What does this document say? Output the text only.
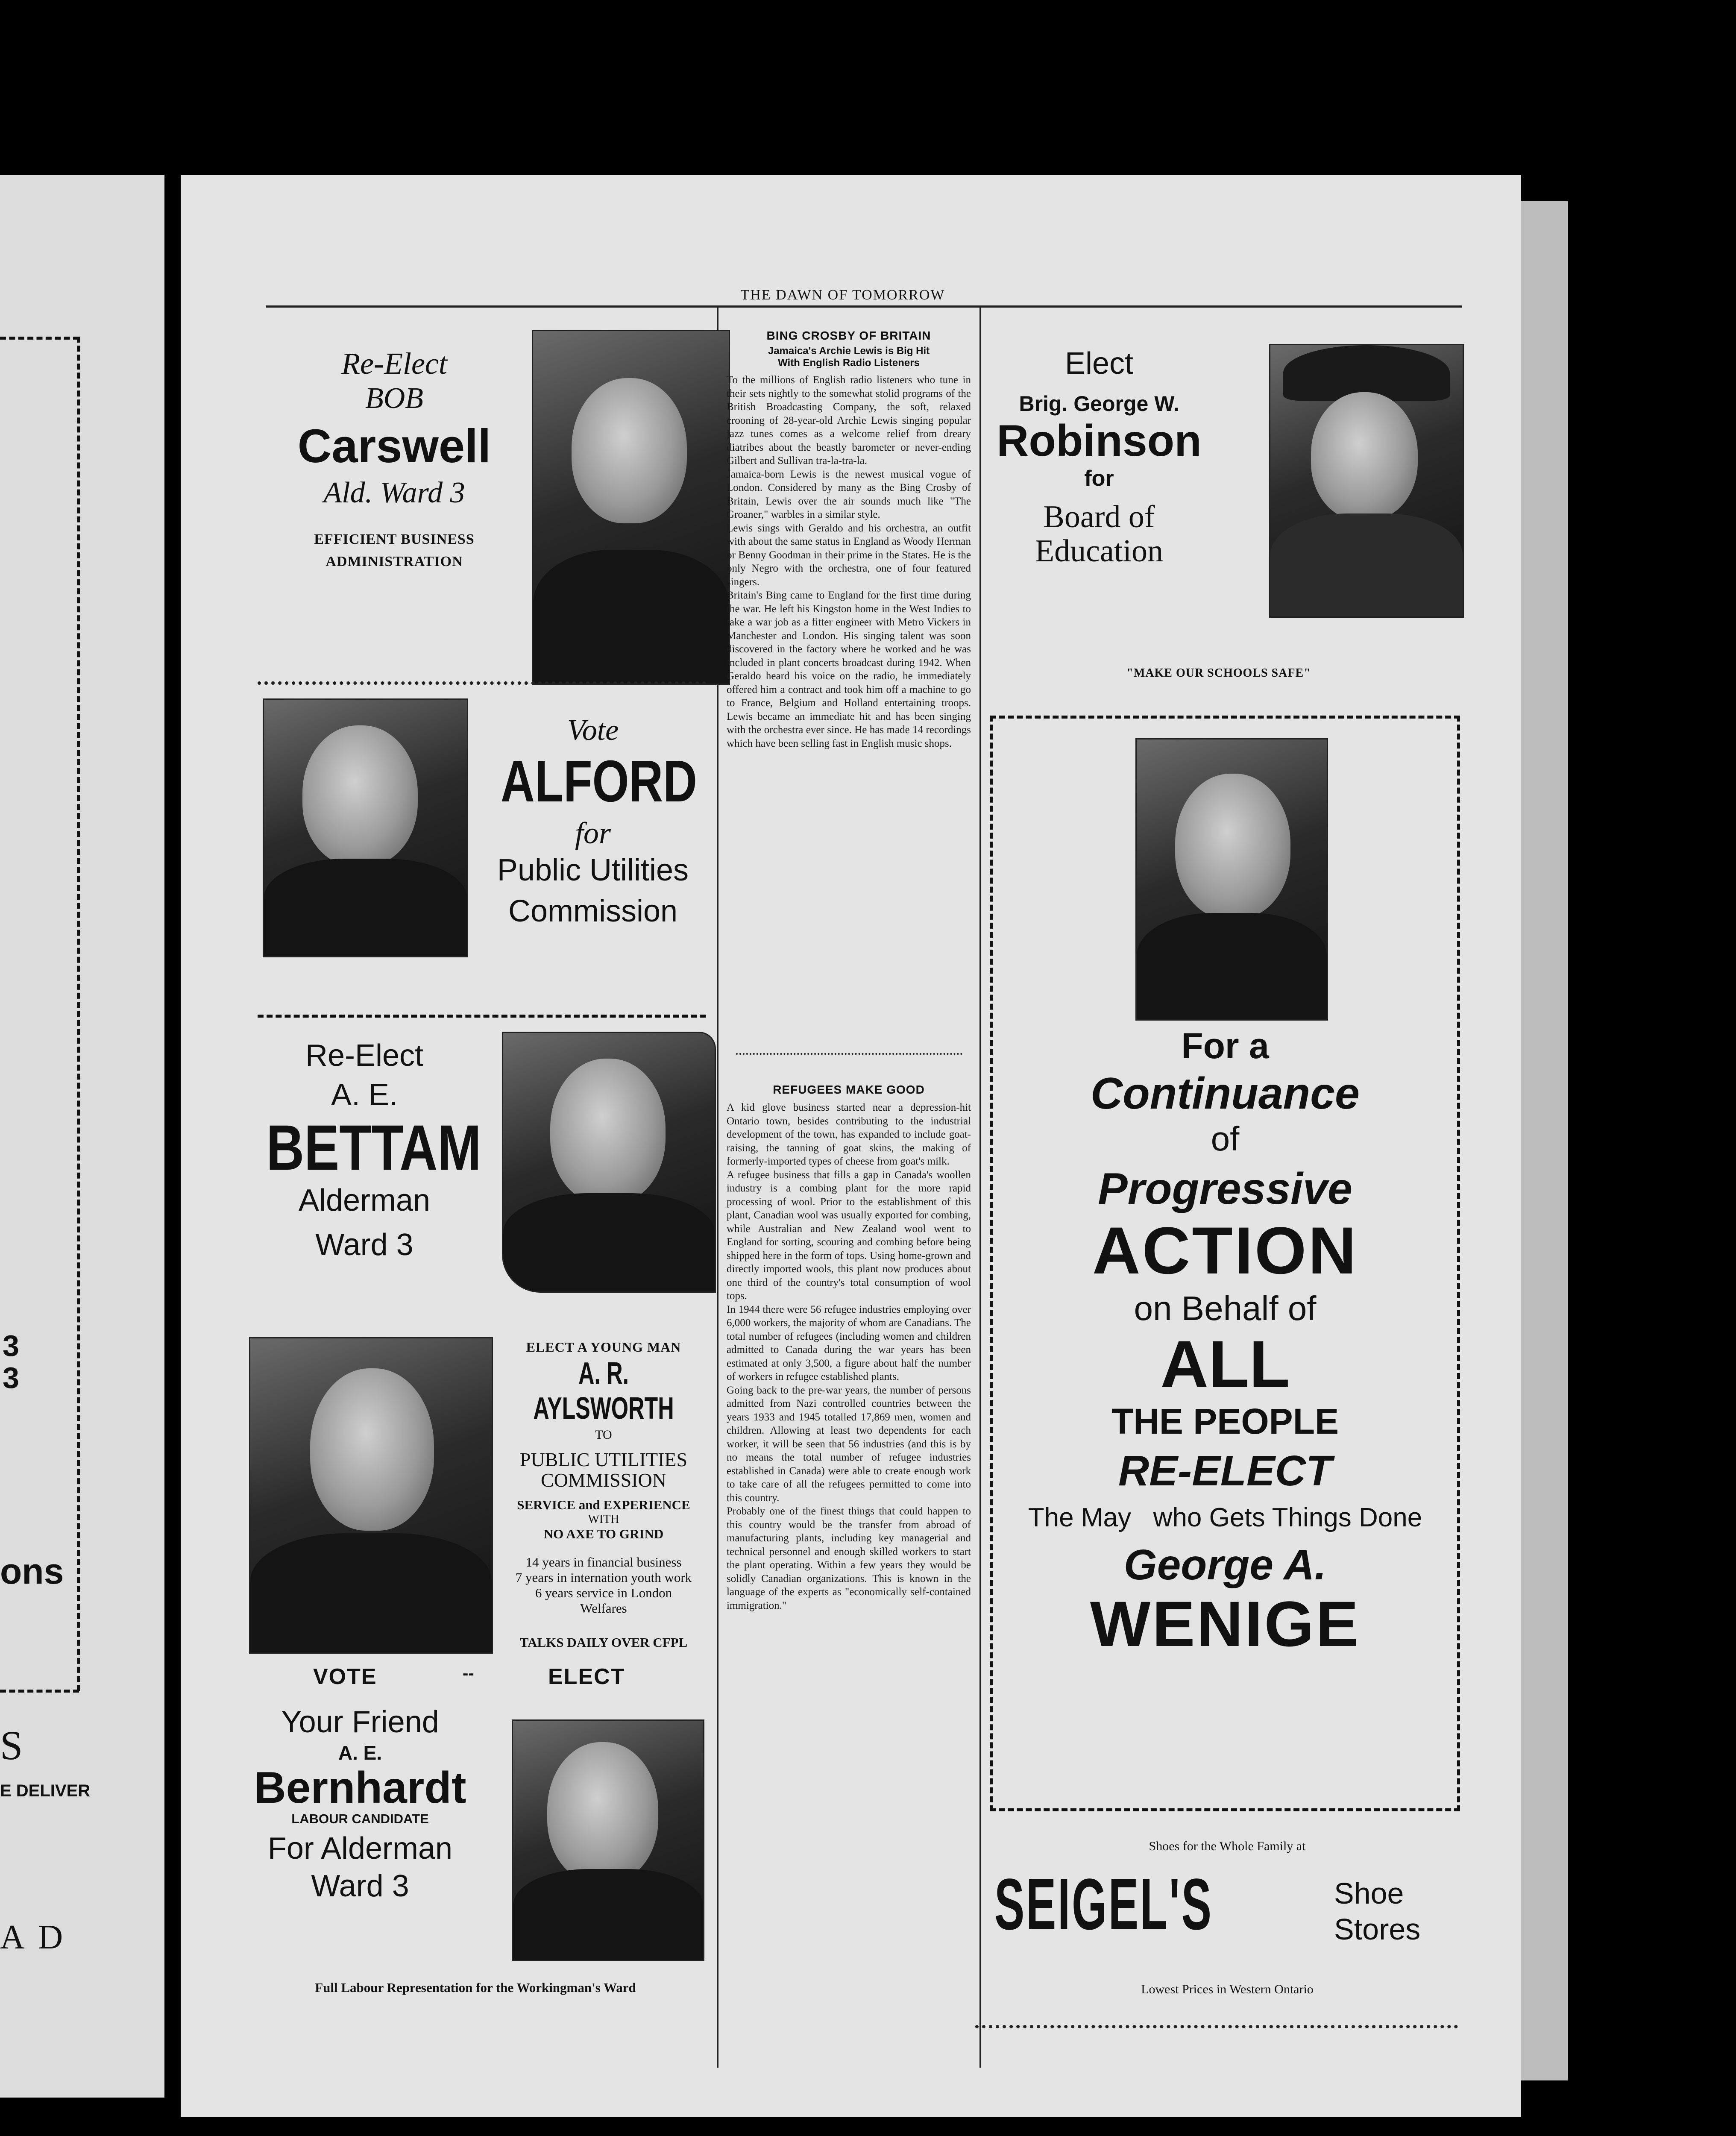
3
3
ons
S
E DELIVER
A D
THE DAWN OF TOMORROW
Re-Elect
BOB
Carswell
Ald. Ward 3
EFFICIENT BUSINESS
ADMINISTRATION
Vote
ALFORD
for
Public Utilities
Commission
Re-Elect
A. E.
BETTAM
Alderman
Ward 3
ELECT A YOUNG MAN
A. R. AYLSWORTH
TO
PUBLIC UTILITIES
COMMISSION
SERVICE and EXPERIENCE
WITH
NO AXE TO GRIND
14 years in financial business
7 years in internation youth work
6 years service in London
Welfares
TALKS DAILY OVER CFPL
VOTE	--	ELECT
Your Friend
A. E.
Bernhardt
LABOUR CANDIDATE
For Alderman
Ward 3
Full Labour Representation for the Workingman's Ward
BING CROSBY OF BRITAIN
Jamaica's Archie Lewis is Big Hit
With English Radio Listeners
To the millions of English radio listeners who tune in their sets nightly to the somewhat stolid programs of the British Broadcasting Company, the soft, relaxed crooning of 28-year-old Archie Lewis singing popular jazz tunes comes as a welcome relief from dreary diatribes about the beastly barometer or never-ending Gilbert and Sullivan tra-la-tra-la.
Jamaica-born Lewis is the newest musical vogue of London. Considered by many as the Bing Crosby of Britain, Lewis over the air sounds much like "The Groaner," warbles in a similar style.
Lewis sings with Geraldo and his orchestra, an outfit with about the same status in England as Woody Herman or Benny Goodman in their prime in the States. He is the only Negro with the orchestra, one of four featured singers.
Britain's Bing came to England for the first time during the war. He left his Kingston home in the West Indies to take a war job as a fitter engineer with Metro Vickers in Manchester and London. His singing talent was soon discovered in the factory where he worked and he was included in plant concerts broadcast during 1942. When Geraldo heard his voice on the radio, he immediately offered him a contract and took him off a machine to go to France, Belgium and Holland entertaining troops. Lewis became an immediate hit and has been singing with the orchestra ever since. He has made 14 recordings which have been selling fast in English music shops.
REFUGEES MAKE GOOD
A kid glove business started near a depression-hit Ontario town, besides contributing to the industrial development of the town, has expanded to include goat-raising, the tanning of goat skins, the making of formerly-imported types of cheese from goat's milk.
A refugee business that fills a gap in Canada's woollen industry is a combing plant for the more rapid processing of wool. Prior to the establishment of this plant, Canadian wool was usually exported for combing, while Australian and New Zealand wool went to England for sorting, scouring and combing before being shipped here in the form of tops. Using home-grown and directly imported wools, this plant now produces about one third of the country's total consumption of wool tops.
In 1944 there were 56 refugee industries employing over 6,000 workers, the majority of whom are Canadians. The total number of refugees (including women and children admitted to Canada during the war years has been estimated at only 3,500, a figure about half the number of workers in refugee established plants.
Going back to the pre-war years, the number of persons admitted from Nazi controlled countries between the years 1933 and 1945 totalled 17,869 men, women and children. Allowing at least two dependents for each worker, it will be seen that 56 industries (and this is by no means the total number of refugee industries established in Canada) were able to create enough work to take care of all the refugees permitted to come into this country.
Probably one of the finest things that could happen to this country would be the transfer from abroad of manufacturing plants, including key managerial and technical personnel and enough skilled workers to start the plant operating. Within a few years they would be solidly Canadian organizations. This is known in the language of the experts as "economically self-contained immigration."
Elect
Brig. George W.
Robinson
for
Board of
Education
"MAKE OUR SCHOOLS SAFE"
For a
Continuance
of
Progressive
ACTION
on Behalf of
ALL
THE PEOPLE
RE-ELECT
The May who Gets Things Done
George A.
WENIGE
Shoes for the Whole Family at
SEIGEL'S	Shoe
Stores
Lowest Prices in Western Ontario
